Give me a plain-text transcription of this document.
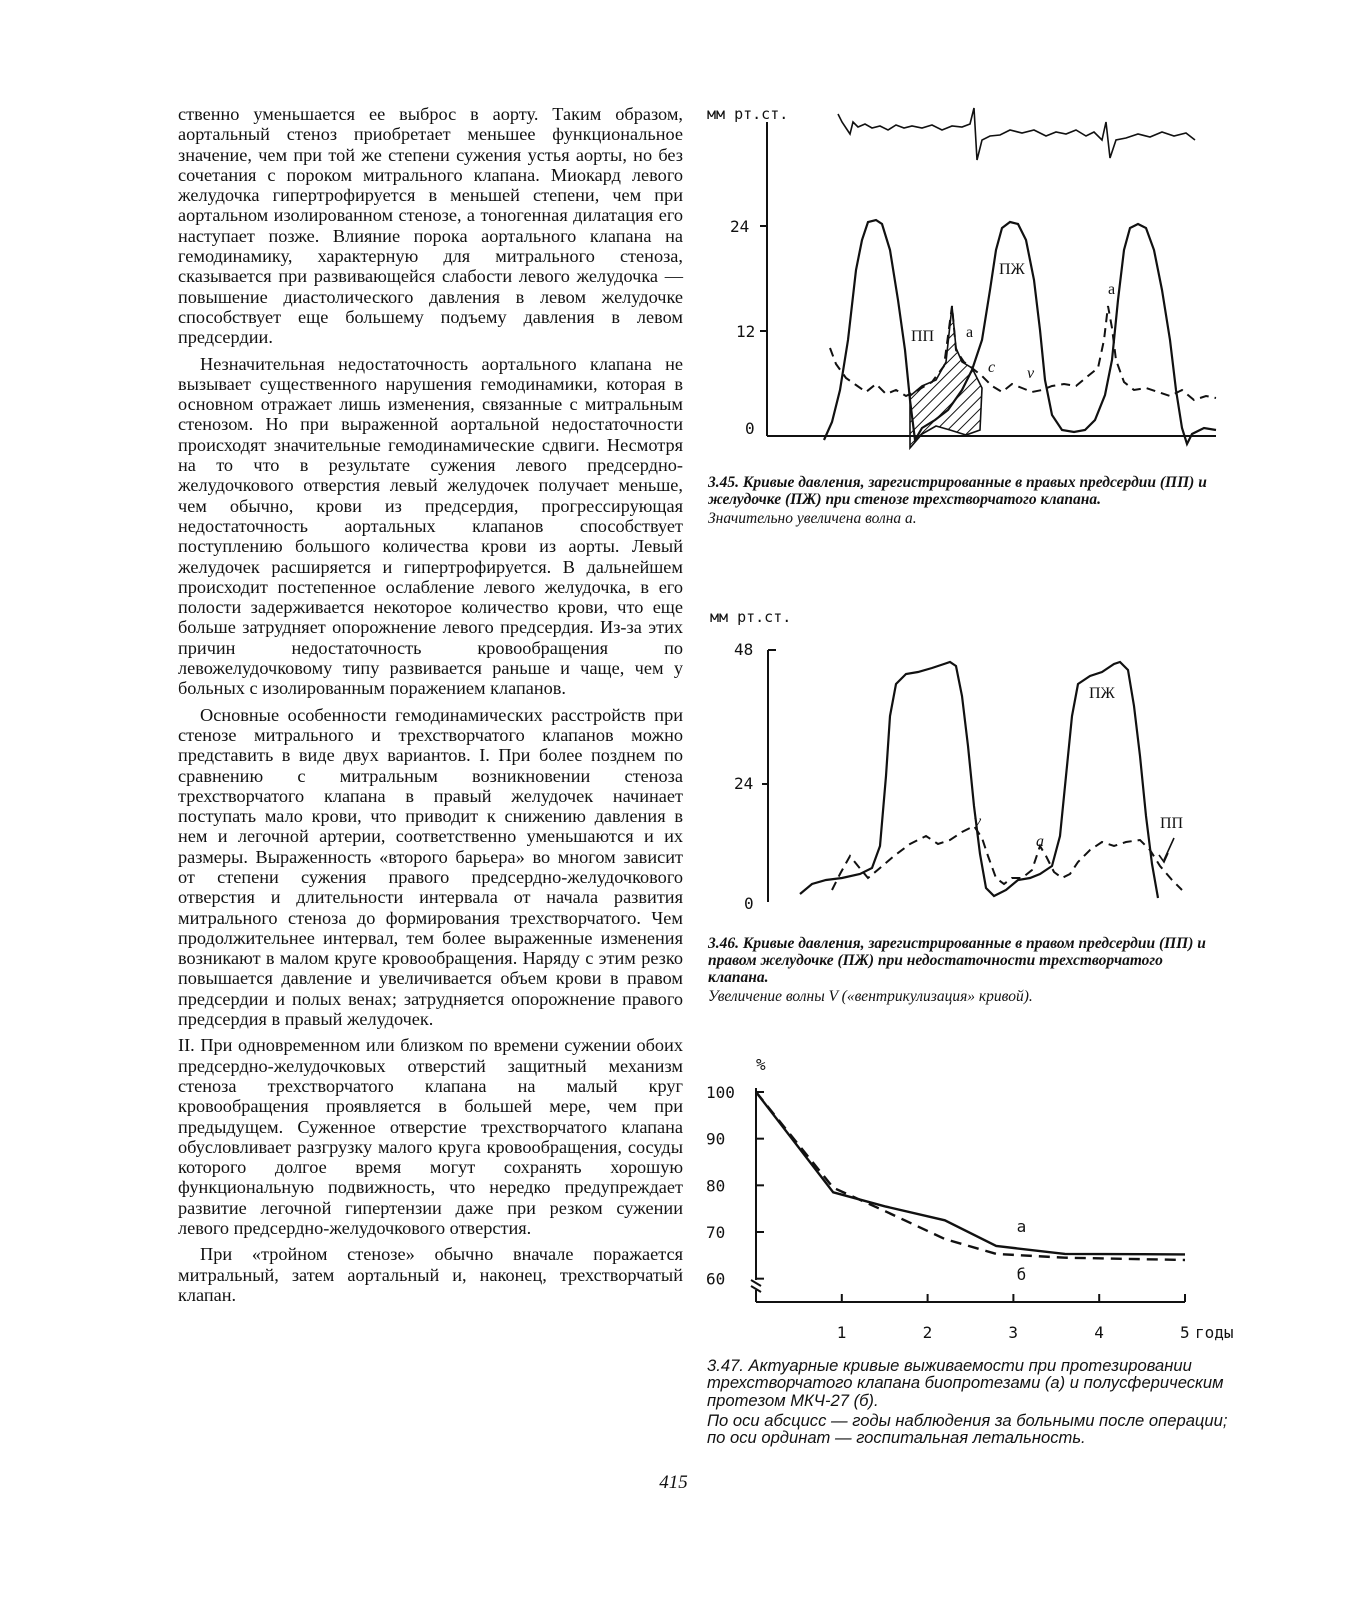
ственно уменьшается ее выброс в аорту. Таким образом, аортальный стеноз приобретает меньшее функциональное значение, чем при той же степени сужения устья аорты, но без сочетания с пороком митрального клапана. Миокард левого желудочка гипертрофируется в меньшей степени, чем при аортальном изолированном стенозе, а тоногенная дилатация его наступает позже. Влияние порока аортального клапана на гемодинамику, характерную для митрального стеноза, сказывается при развивающейся слабости левого желудочка — повышение диастолического давления в левом желудочке способствует еще большему подъему давления в левом предсердии.

Незначительная недостаточность аортального клапана не вызывает существенного нарушения гемодинамики, которая в основном отражает лишь изменения, связанные с митральным стенозом. Но при выраженной аортальной недостаточности происходят значительные гемодинамические сдвиги. Несмотря на то что в результате сужения левого предсердно-желудочкового отверстия левый желудочек получает меньше, чем обычно, крови из предсердия, прогрессирующая недостаточность аортальных клапанов способствует поступлению большого количества крови из аорты. Левый желудочек расширяется и гипертрофируется. В дальнейшем происходит постепенное ослабление левого желудочка, в его полости задерживается некоторое количество крови, что еще больше затрудняет опорожнение левого предсердия. Из-за этих причин недостаточность кровообращения по левожелудочковому типу развивается раньше и чаще, чем у больных с изолированным поражением клапанов.

Основные особенности гемодинамических расстройств при стенозе митрального и трехстворчатого клапанов можно представить в виде двух вариантов. I. При более позднем по сравнению с митральным возникновении стеноза трехстворчатого клапана в правый желудочек начинает поступать мало крови, что приводит к снижению давления в нем и легочной артерии, соответственно уменьшаются и их размеры. Выраженность «второго барьера» во многом зависит от степени сужения правого предсердно-желудочкового отверстия и длительности интервала от начала развития митрального стеноза до формирования трехстворчатого. Чем продолжительнее интервал, тем более выраженные изменения возникают в малом круге кровообращения. Наряду с этим резко повышается давление и увеличивается объем крови в правом предсердии и полых венах; затрудняется опорожнение правого предсердия в правый желудочек.

II. При одновременном или близком по времени сужении обоих предсердно-желудочковых отверстий защитный механизм стеноза трехстворчатого клапана на малый круг кровообращения проявляется в большей мере, чем при предыдущем. Суженное отверстие трехстворчатого клапана обусловливает разгрузку малого круга кровообращения, сосуды которого долгое время могут сохранять хорошую функциональную подвижность, что нередко предупреждает развитие легочной гипертензии даже при резком сужении левого предсердно-желудочкового отверстия.

При «тройном стенозе» обычно вначале поражается митральный, затем аортальный и, наконец, трехстворчатый клапан.

мм рт.ст.
24
12
0
ПЖ
ПП а
а
c v
3.45. Кривые давления, зарегистрированные в правых предсердии (ПП) и желудочке (ПЖ) при стенозе трехстворчатого клапана.
Значительно увеличена волна а.
мм рт.ст.
48
24
0
ПЖ
ПП
v
a
3.46. Кривые давления, зарегистрированные в правом предсердии (ПП) и правом желудочке (ПЖ) при недостаточности трехстворчатого клапана.
Увеличение волны V («вентрикулизация» кривой).
%
100
90
80
70
60
1	2	3	4	5 годы
а
б

3.47. Актуарные кривые выживаемости при протезировании трехстворчатого клапана биопротезами (а) и полусферическим протезом МКЧ-27 (б).

По оси абсцисс — годы наблюдения за больными после операции; по оси ординат — госпитальная летальность.

415
